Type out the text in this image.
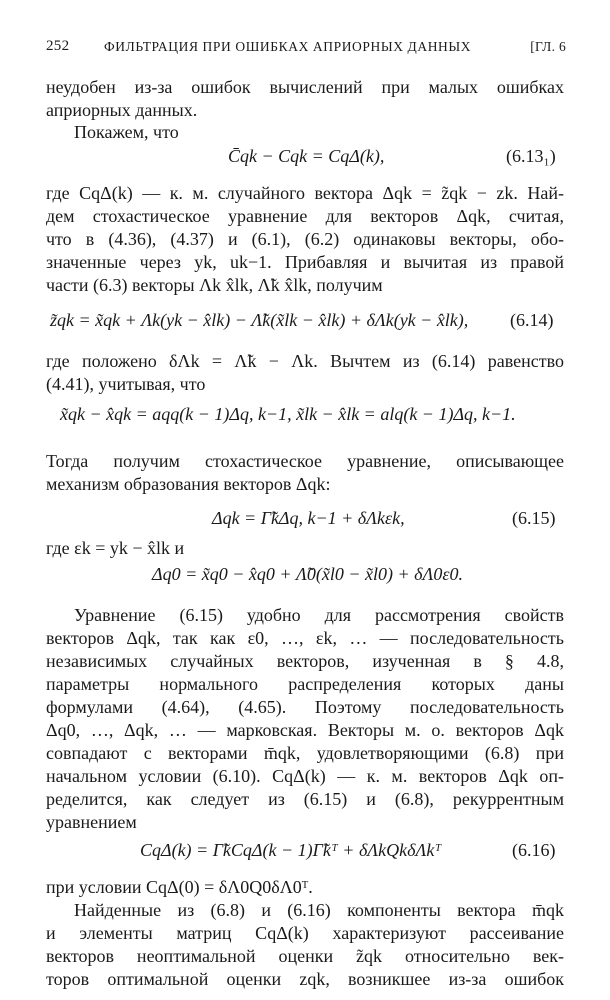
252	ФИЛЬТРАЦИЯ ПРИ ОШИБКАХ АПРИОРНЫХ ДАННЫХ	[ГЛ. 6
неудобен из-за ошибок вычислений при малых ошибках
априорных данных.
Покажем, что
C̄qk − Cqk = CqΔ(k),	(6.13₁)
где CqΔ(k) — к. м. случайного вектора Δqk = z̃qk − zk. Най-
дем стохастическое уравнение для векторов Δqk, считая,
что в (4.36), (4.37) и (6.1), (6.2) одинаковы векторы, обо-
значенные через yk, uk−1. Прибавляя и вычитая из правой
части (6.3) векторы Λk x̂lk, Λ̃k x̂lk, получим
z̃qk = x̃qk + Λk(yk − x̂lk) − Λ̃k(x̃lk − x̂lk) + δΛk(yk − x̂lk), (6.14)
где положено δΛk = Λ̃k − Λk. Вычтем из (6.14) равенство
(4.41), учитывая, что
x̃qk − x̂qk = aqq(k − 1)Δq, k−1, x̃lk − x̂lk = alq(k − 1)Δq, k−1.
Тогда получим стохастическое уравнение, описывающее
механизм образования векторов Δqk:
Δqk = Γ̃kΔq, k−1 + δΛkεk,	(6.15)
где εk = yk − x̂lk и
Δq0 = x̃q0 − x̂q0 + Λ̃0(x̃l0 − x̃l0) + δΛ0ε0.
Уравнение (6.15) удобно для рассмотрения свойств
векторов Δqk, так как ε0, …, εk, … — последовательность
независимых случайных векторов, изученная в § 4.8,
параметры нормального распределения которых даны
формулами (4.64), (4.65). Поэтому последовательность
Δq0, …, Δqk, … — марковская. Векторы м. о. векторов Δqk
совпадают с векторами m̄qk, удовлетворяющими (6.8) при
начальном условии (6.10). CqΔ(k) — к. м. векторов Δqk оп-
ределится, как следует из (6.15) и (6.8), рекуррентным
уравнением
CqΔ(k) = Γ̃kCqΔ(k − 1)Γ̃kᵀ + δΛkQkδΛkᵀ	(6.16)
при условии CqΔ(0) = δΛ0Q0δΛ0ᵀ.
Найденные из (6.8) и (6.16) компоненты вектора m̄qk
и элементы матриц CqΔ(k) характеризуют рассеивание
векторов неоптимальной оценки z̃qk относительно век-
торов оптимальной оценки zqk, возникшее из-за ошибок
